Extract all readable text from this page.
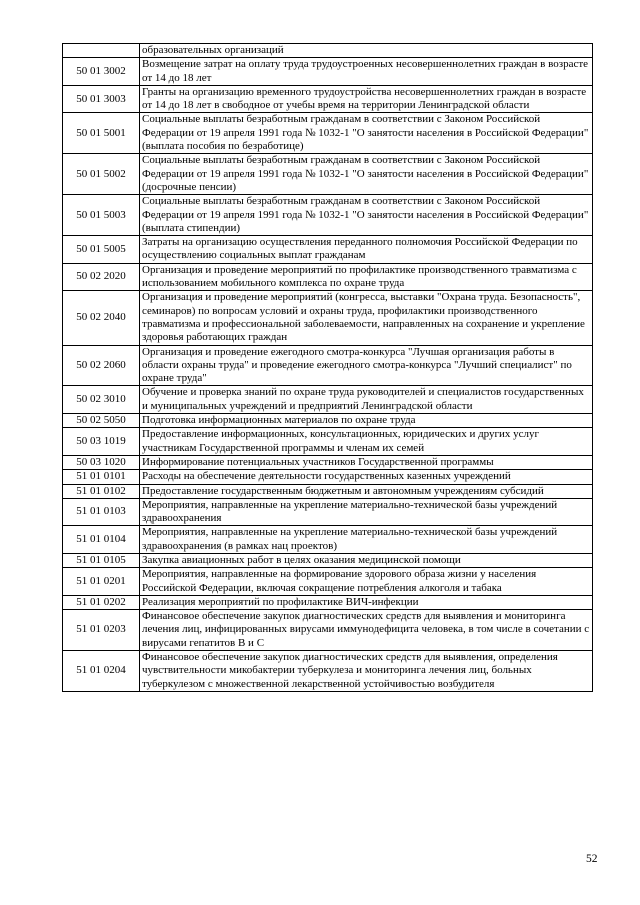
	образовательных организаций
50 01 3002	Возмещение затрат на оплату труда трудоустроенных несовершеннолетних граждан в возрасте от 14 до 18 лет
50 01 3003	Гранты на организацию временного трудоустройства несовершеннолетних граждан в возрасте от 14 до 18 лет в свободное от учебы время на территории Ленинградской области
50 01 5001	Социальные выплаты безработным гражданам в соответствии с Законом Российской Федерации от 19 апреля 1991 года № 1032-1 "О занятости населения в Российской Федерации" (выплата пособия по безработице)
50 01 5002	Социальные выплаты безработным гражданам в соответствии с Законом Российской Федерации от 19 апреля 1991 года № 1032-1 "О занятости населения в Российской Федерации" (досрочные пенсии)
50 01 5003	Социальные выплаты безработным гражданам в соответствии с Законом Российской Федерации от 19 апреля 1991 года № 1032-1 "О занятости населения в Российской Федерации" (выплата стипендии)
50 01 5005	Затраты на организацию осуществления переданного полномочия Российской Федерации по осуществлению социальных выплат гражданам
50 02 2020	Организация и проведение мероприятий по профилактике производственного травматизма с использованием мобильного комплекса по охране труда
50 02 2040	Организация и проведение мероприятий (конгресса, выставки "Охрана труда. Безопасность", семинаров) по вопросам условий и охраны труда, профилактики производственного травматизма и профессиональной заболеваемости, направленных на сохранение и укрепление здоровья работающих граждан
50 02 2060	Организация и проведение ежегодного смотра-конкурса "Лучшая организация работы в области охраны труда" и проведение ежегодного смотра-конкурса "Лучший специалист" по охране труда"
50 02 3010	Обучение и проверка знаний по охране труда руководителей и специалистов государственных и муниципальных учреждений и предприятий Ленинградской области
50 02 5050	Подготовка информационных материалов по охране труда
50 03 1019	Предоставление информационных, консультационных, юридических и других услуг участникам Государственной программы и членам их семей
50 03 1020	Информирование потенциальных участников Государственной программы
51 01 0101	Расходы на обеспечение деятельности государственных казенных учреждений
51 01 0102	Предоставление государственным бюджетным и автономным учреждениям субсидий
51 01 0103	Мероприятия, направленные на укрепление материально-технической базы учреждений здравоохранения
51 01 0104	Мероприятия, направленные на укрепление материально-технической базы учреждений здравоохранения (в рамках нац проектов)
51 01 0105	Закупка авиационных работ в целях оказания медицинской помощи
51 01 0201	Мероприятия, направленные на формирование здорового образа жизни у населения Российской Федерации, включая сокращение потребления алкоголя и табака
51 01 0202	Реализация мероприятий по профилактике ВИЧ-инфекции
51 01 0203	Финансовое обеспечение закупок диагностических средств для выявления и мониторинга лечения лиц, инфицированных вирусами иммунодефицита человека, в том числе в сочетании с вирусами гепатитов В и С
51 01 0204	Финансовое обеспечение закупок диагностических средств для выявления, определения чувствительности микобактерии туберкулеза и мониторинга лечения лиц, больных туберкулезом с множественной лекарственной устойчивостью возбудителя
52
